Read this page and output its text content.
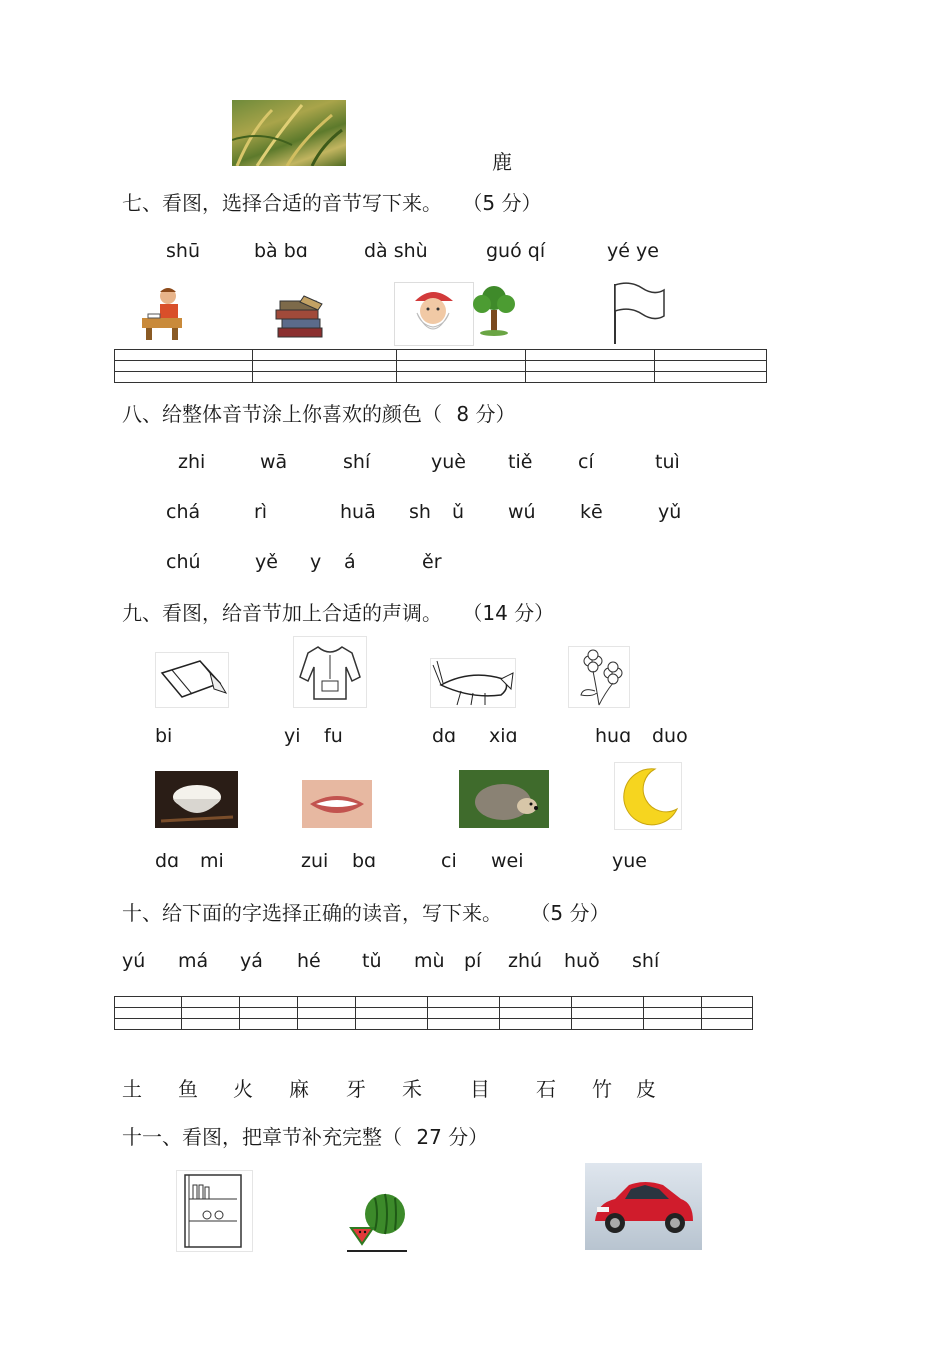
鹿
七、看图，选择合适的音节写下来。 （5 分）
shū	bà bɑ	dà shù	guó qí	yé ye

八、给整体音节涂上你喜欢的颜色（ 8 分）
zhi	wā	shí	yuè tiě cí	tuì
chá	rì	huā sh ǔ wú kē	yǔ
chú	yě y á	ěr
九、看图，给音节加上合适的声调。 （14 分）
bi	yi fu	dɑ xiɑ	huɑ duo
dɑ mi	zui bɑ	ci wei	yue
十、给下面的字选择正确的读音，写下来。 （5 分）
yú má yá hé tǔ mù pí zhú huǒ shí

土 鱼 火 麻 牙 禾 目 石 竹 皮
十一、看图，把章节补充完整（ 27 分）
